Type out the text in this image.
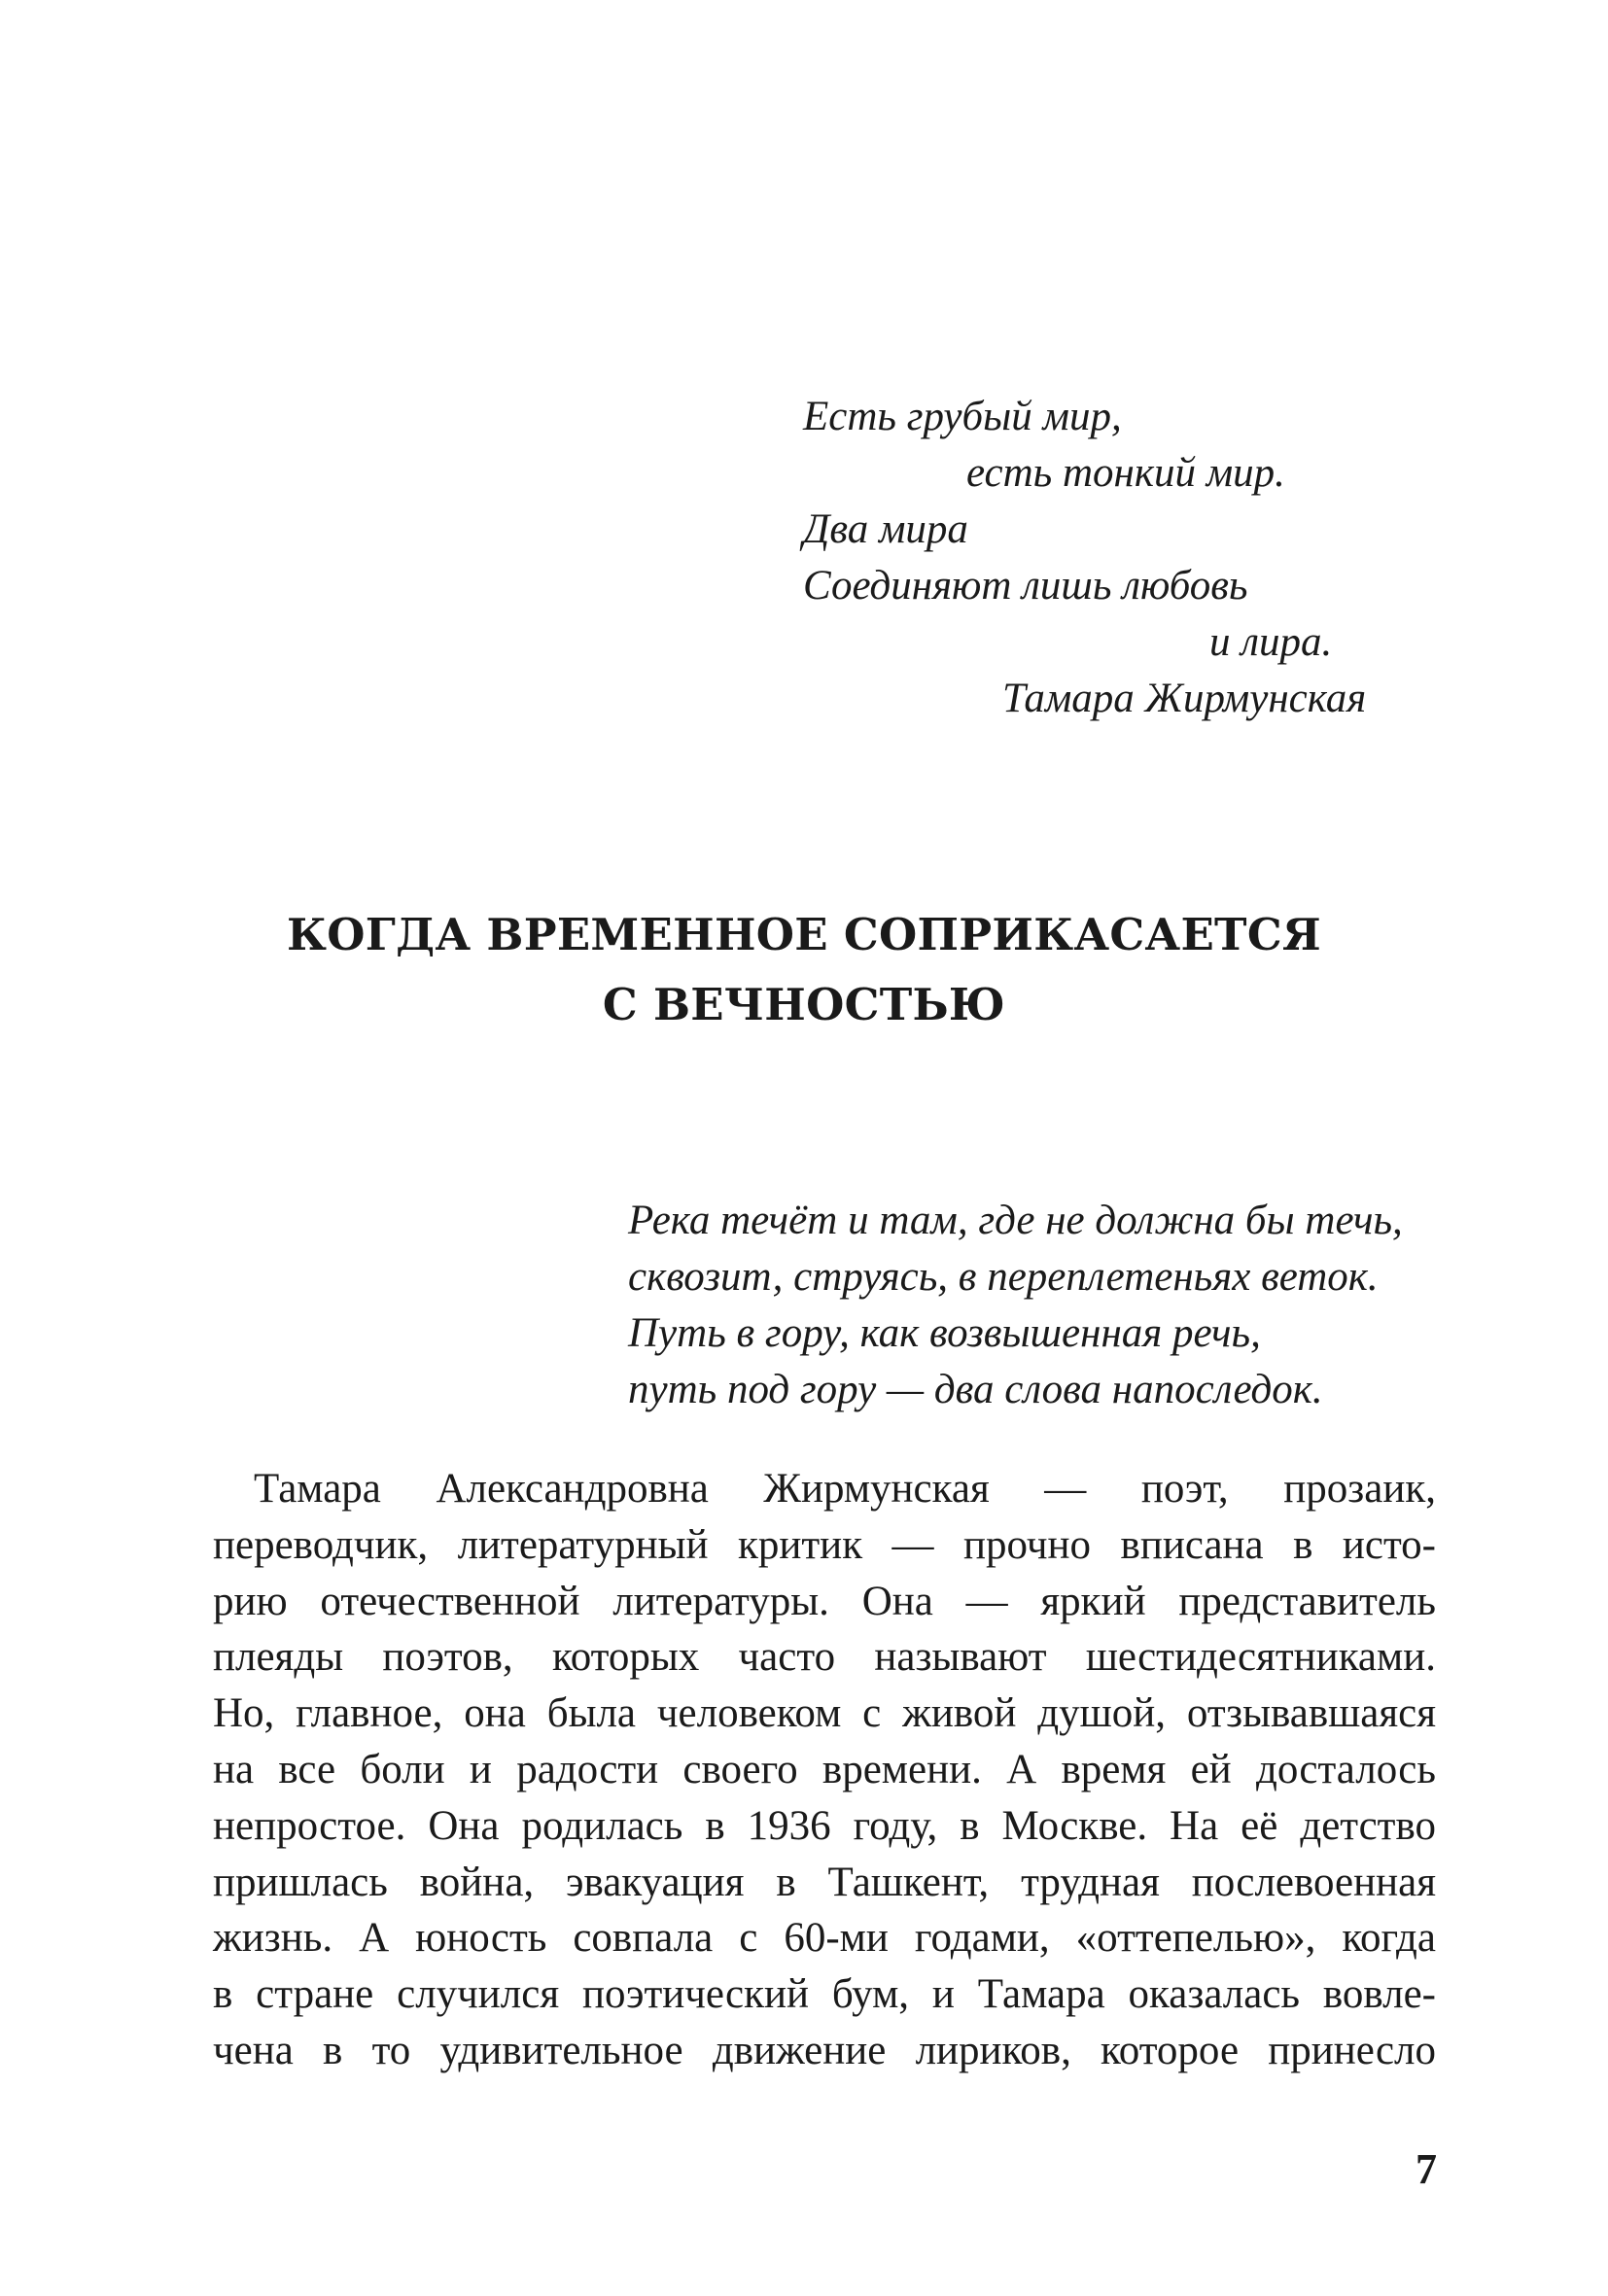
Есть грубый мир,
есть тонкий мир.
Два мира
Соединяют лишь любовь
и лира.
Тамара Жирмунская
КОГДА ВРЕМЕННОЕ СОПРИКАСАЕТСЯ
С ВЕЧНОСТЬЮ
Река течёт и там, где не должна бы течь,
сквозит, струясь, в переплетеньях веток.
Путь в гору, как возвышенная речь,
путь под гору — два слова напоследок.
Тамара Александровна Жирмунская — поэт, прозаик,
переводчик, литературный критик — прочно вписана в исто-
рию отечественной литературы. Она — яркий представитель
плеяды поэтов, которых часто называют шестидесятниками.
Но, главное, она была человеком с живой душой, отзывавшаяся
на все боли и радости своего времени. А время ей досталось
непростое. Она родилась в 1936 году, в Москве. На её детство
пришлась война, эвакуация в Ташкент, трудная послевоенная
жизнь. А юность совпала с 60-ми годами, «оттепелью», когда
в стране случился поэтический бум, и Тамара оказалась вовле-
чена в то удивительное движение лириков, которое принесло
7
